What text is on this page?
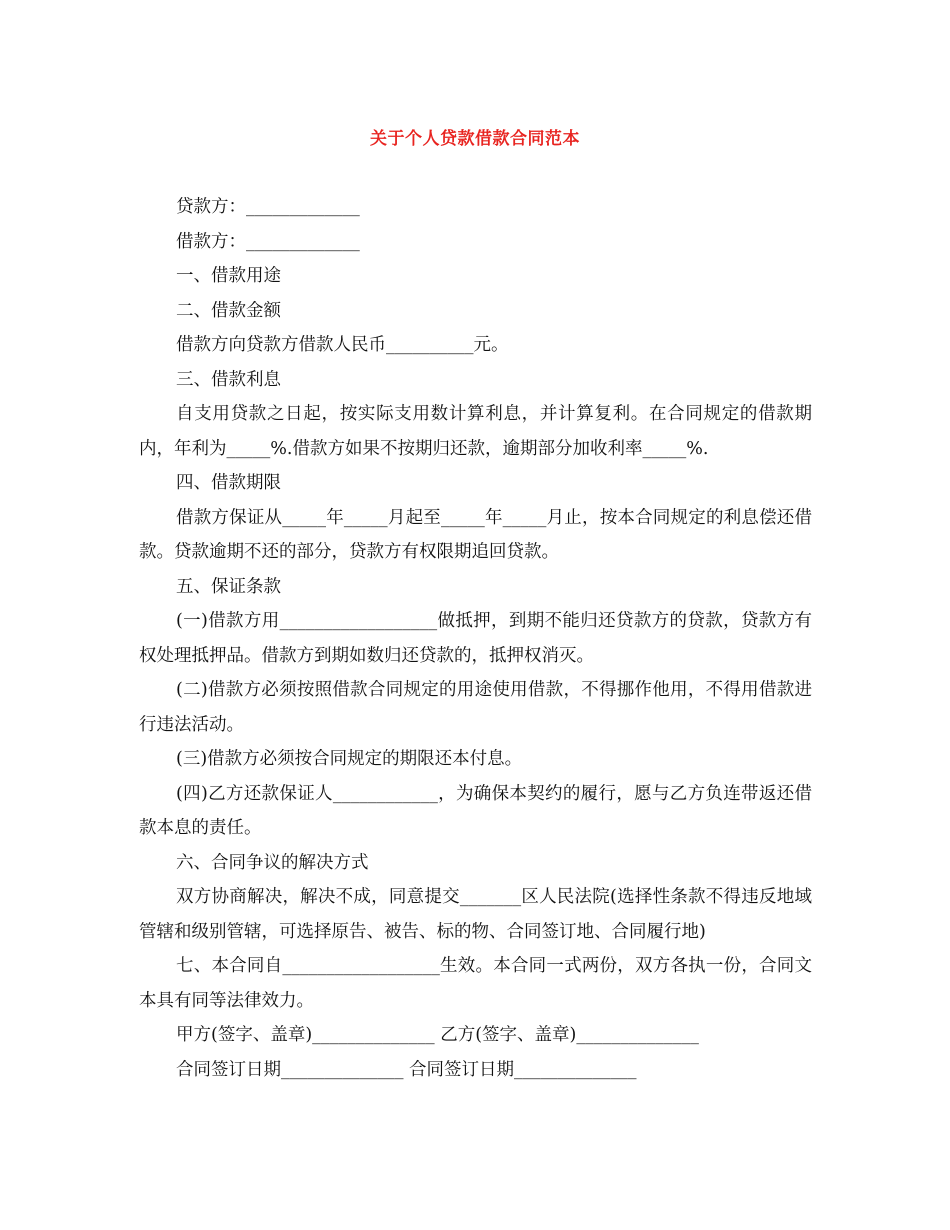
关于个人贷款借款合同范本

贷款方：_____________

借款方：_____________

一、借款用途

二、借款金额

借款方向贷款方借款人民币__________元。

三、借款利息

自支用贷款之日起，按实际支用数计算利息，并计算复利。在合同规定的借款期内，年利为_____%.借款方如果不按期归还款，逾期部分加收利率_____%.

四、借款期限

借款方保证从_____年_____月起至_____年_____月止，按本合同规定的利息偿还借款。贷款逾期不还的部分，贷款方有权限期追回贷款。

五、保证条款

(一)借款方用__________________做抵押，到期不能归还贷款方的贷款，贷款方有权处理抵押品。借款方到期如数归还贷款的，抵押权消灭。

(二)借款方必须按照借款合同规定的用途使用借款，不得挪作他用，不得用借款进行违法活动。

(三)借款方必须按合同规定的期限还本付息。

(四)乙方还款保证人____________，为确保本契约的履行，愿与乙方负连带返还借款本息的责任。

六、合同争议的解决方式

双方协商解决，解决不成，同意提交_______区人民法院(选择性条款不得违反地域管辖和级别管辖，可选择原告、被告、标的物、合同签订地、合同履行地)

七、本合同自__________________生效。本合同一式两份，双方各执一份，合同文本具有同等法律效力。

甲方(签字、盖章)______________ 乙方(签字、盖章)______________

合同签订日期______________ 合同签订日期______________
